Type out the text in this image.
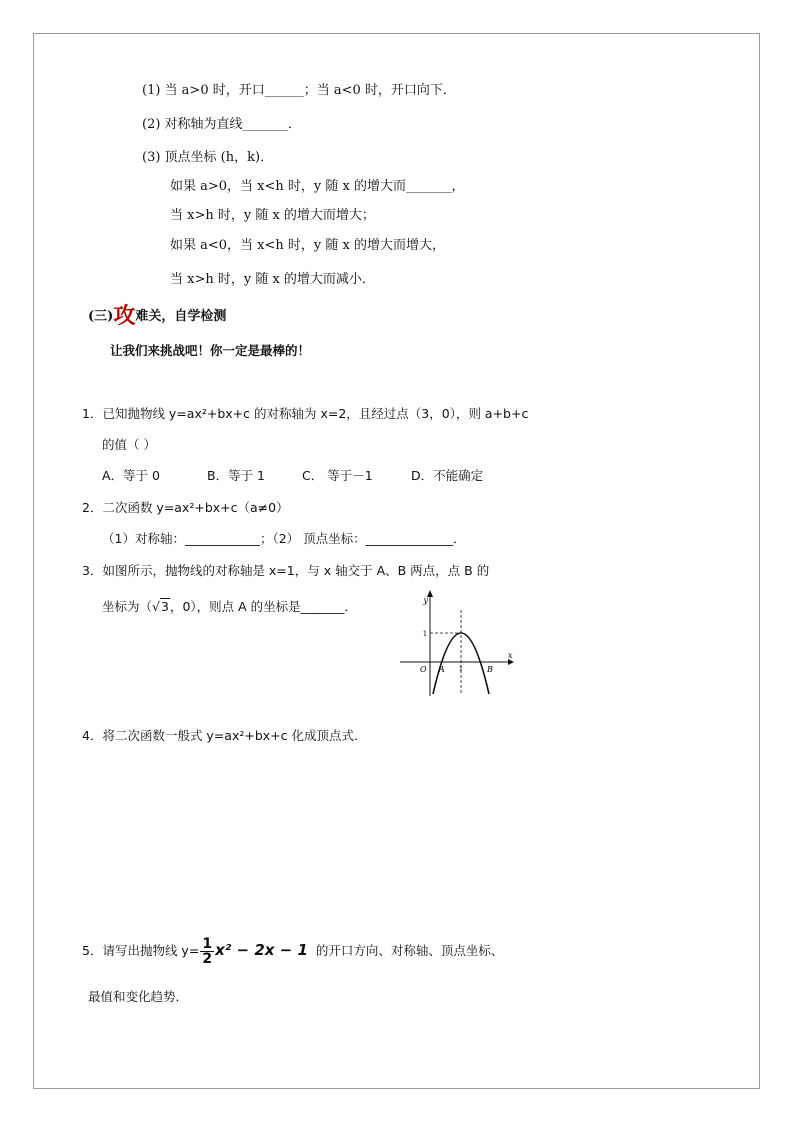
(1) 当 a>0 时，开口______；当 a<0 时，开口向下．
(2) 对称轴为直线_______．
(3) 顶点坐标 (h，k)．
如果 a>0，当 x<h 时，y 随 x 的增大而_______，
当 x>h 时，y 随 x 的增大而增大；
如果 a<0，当 x<h 时，y 随 x 的增大而增大，
当 x>h 时，y 随 x 的增大而减小．
(三)攻难关，自学检测
让我们来挑战吧！你一定是最棒的！
1．已知抛物线 y=ax²+bx+c 的对称轴为 x=2，且经过点（3，0），则 a+b+c
的值（ ）
A．等于 0	B．等于 1	C． 等于－1	D．不能确定
2．二次函数 y=ax²+bx+c（a≠0）
（1）对称轴：____________；（2） 顶点坐标：______________．
3．如图所示，抛物线的对称轴是 x=1，与 x 轴交于 A、B 两点，点 B 的
坐标为（√3，0），则点 A 的坐标是_______．	y
x
O A	B
1
1
4．将二次函数一般式 y=ax²+bx+c 化成顶点式．
5．请写出抛物线 $y= \frac{1}{2} x^2 - 2x - 1$ 的开口方向、对称轴、顶点坐标、
最值和变化趋势．
